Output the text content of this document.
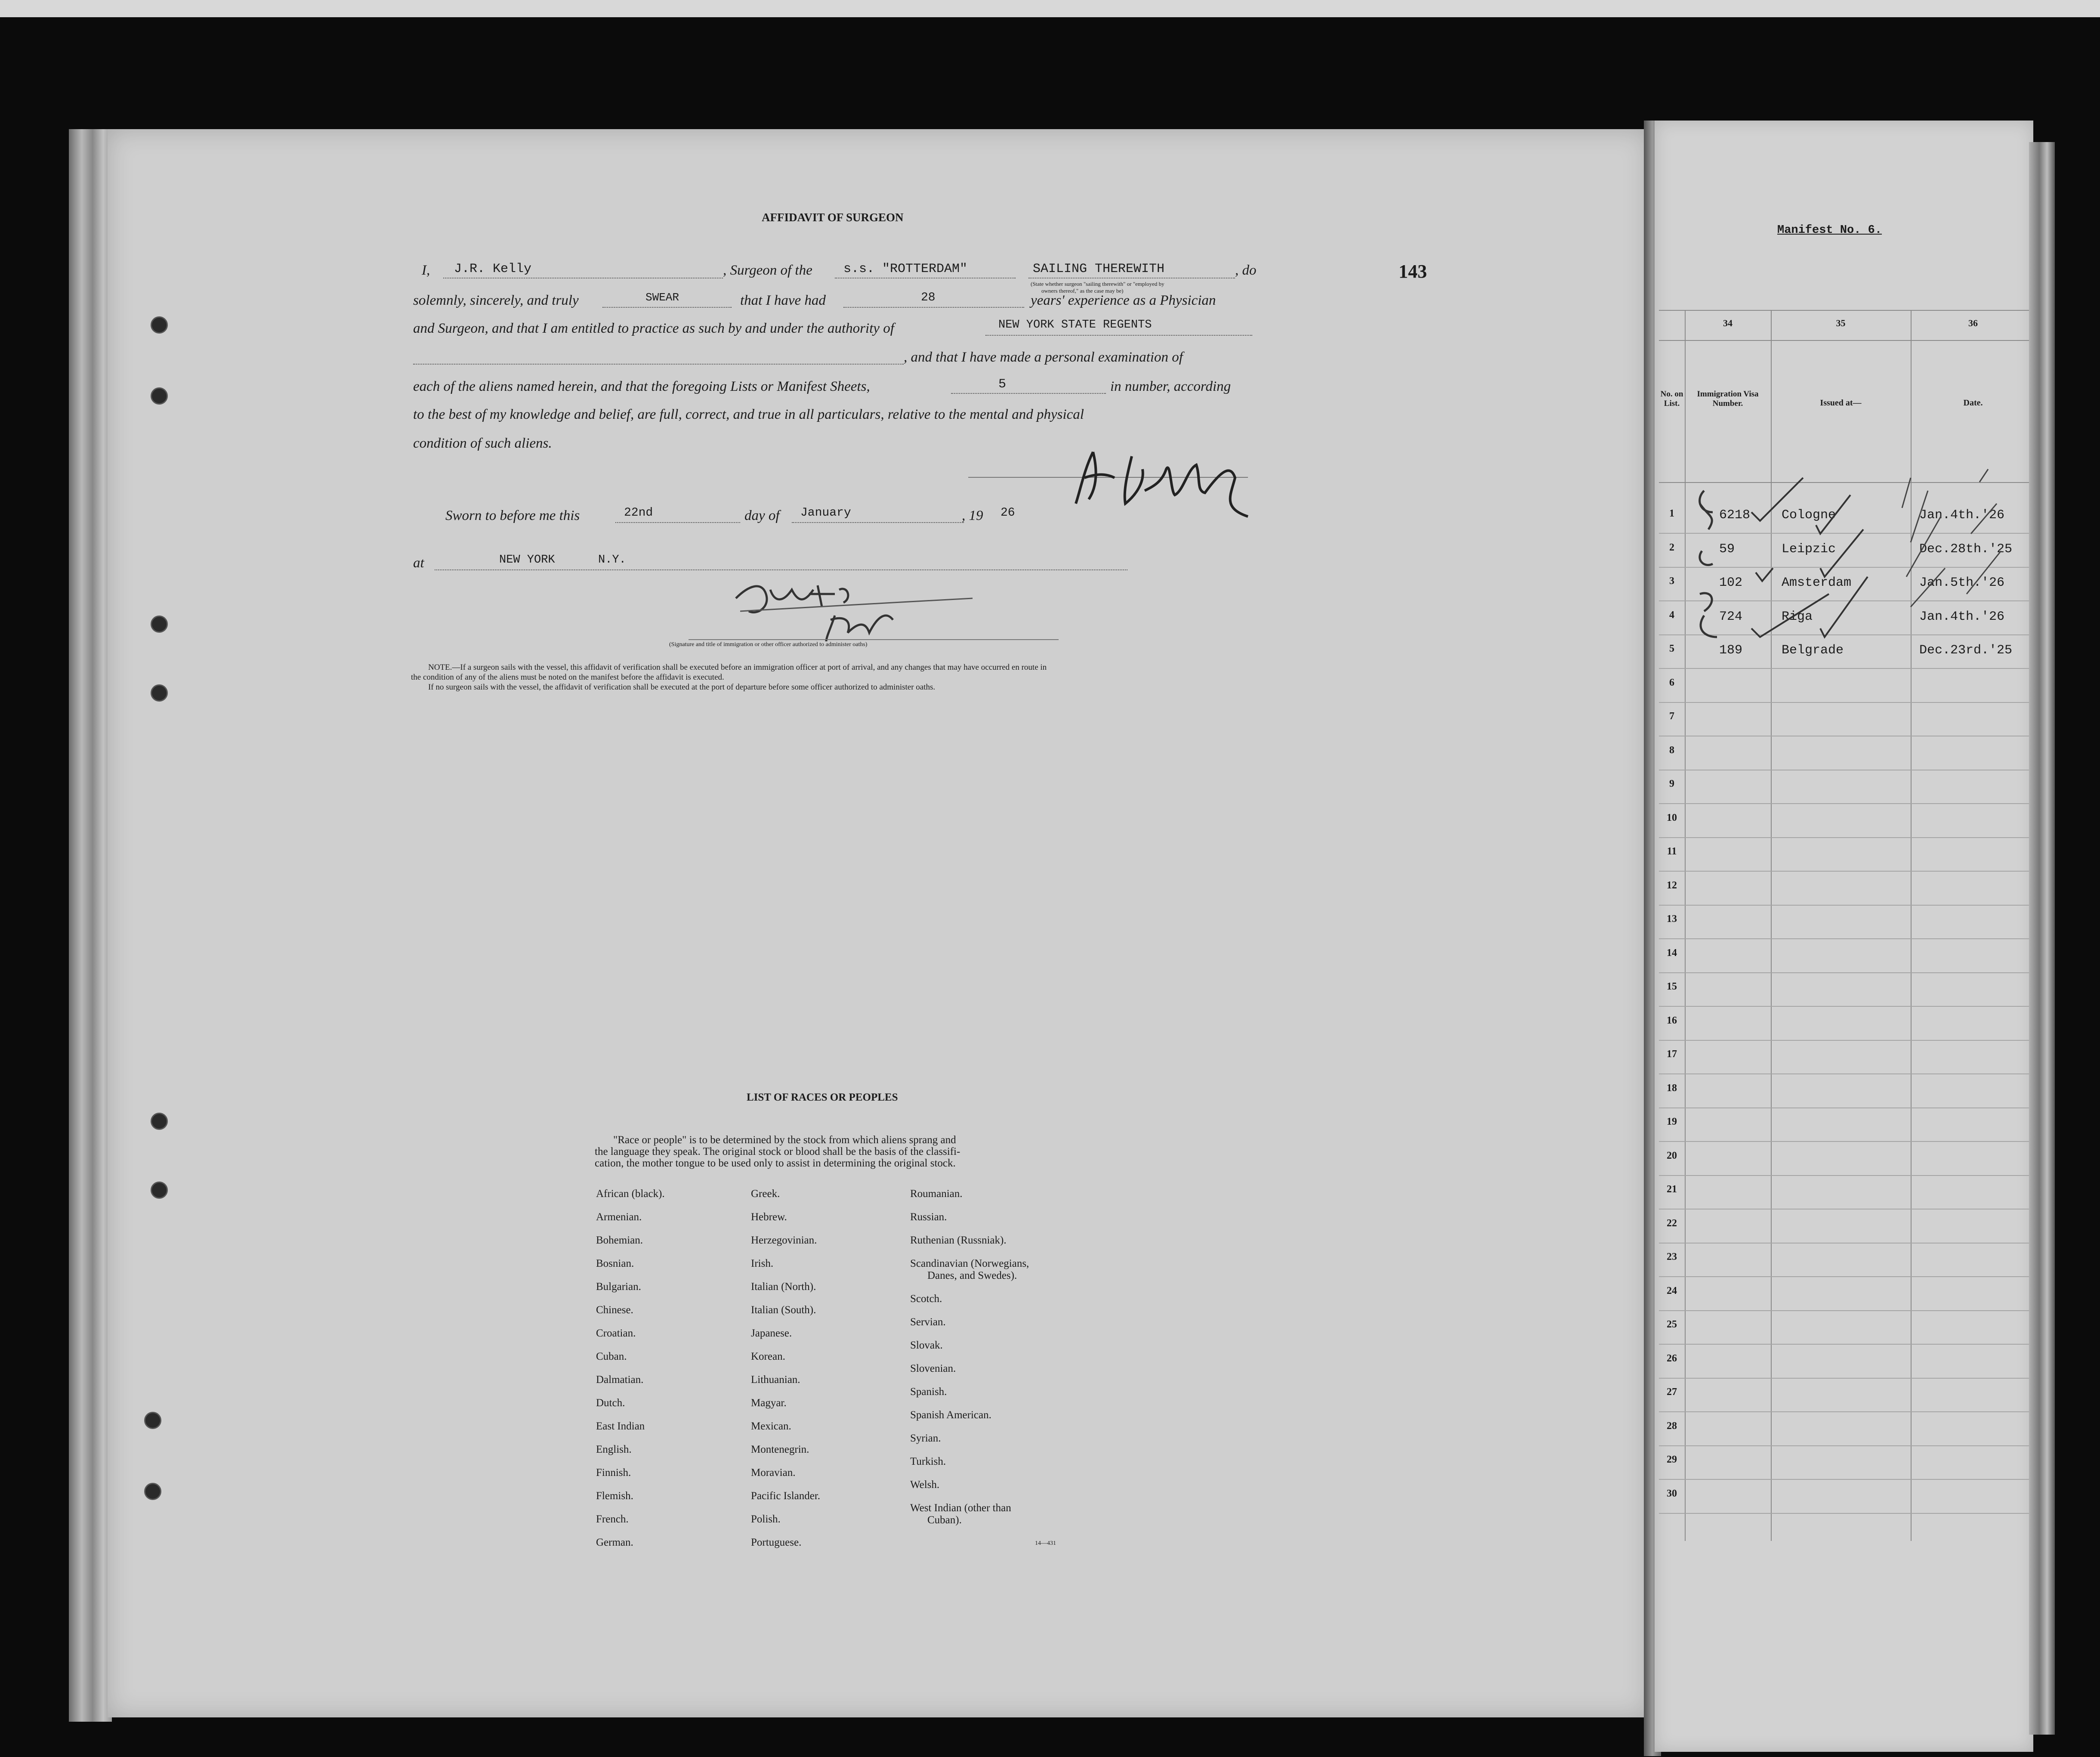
AFFIDAVIT OF SURGEON
143
I, J.R. Kelly	, Surgeon of the s.s. "ROTTERDAM"	SAILING THEREWITH
(State whether surgeon "sailing therewith" or "employed by
owners thereof," as the case may be)
, do
solemnly, sincerely, and truly	SWEAR	that I have had	28	years' experience as a Physician
and Surgeon, and that I am entitled to practice as such by and under the authority of	NEW YORK STATE REGENTS
, and that I have made a personal examination of
each of the aliens named herein, and that the foregoing Lists or Manifest Sheets,	5	in number, according
to the best of my knowledge and belief, are full, correct, and true in all particulars, relative to the mental and physical
condition of such aliens.
Sworn to before me this	22nd	day of January	, 19 26
at	NEW YORK	N.Y.
(Signature and title of immigration or other officer authorized to administer oaths)
NOTE.—If a surgeon sails with the vessel, this affidavit of verification shall be executed before an immigration officer at port of arrival, and any changes that may have occurred en route in
the condition of any of the aliens must be noted on the manifest before the affidavit is executed.
If no surgeon sails with the vessel, the affidavit of verification shall be executed at the port of departure before some officer authorized to administer oaths.
LIST OF RACES OR PEOPLES
"Race or people" is to be determined by the stock from which aliens sprang and
the language they speak. The original stock or blood shall be the basis of the classifi-
cation, the mother tongue to be used only to assist in determining the original stock.
African (black).
Armenian.
Bohemian.
Bosnian.
Bulgarian.
Chinese.
Croatian.
Cuban.
Dalmatian.
Dutch.
East Indian
English.
Finnish.
Flemish.
French.
German.
Greek.
Hebrew.
Herzegovinian.
Irish.
Italian (North).
Italian (South).
Japanese.
Korean.
Lithuanian.
Magyar.
Mexican.
Montenegrin.
Moravian.
Pacific Islander.
Polish.
Portuguese.
Roumanian.
Russian.
Ruthenian (Russniak).
Scandinavian (Norwegians,
Danes, and Swedes).
Scotch.
Servian.
Slovak.
Slovenian.
Spanish.
Spanish American.
Syrian.
Turkish.
Welsh.
West Indian (other than
Cuban).
14—431
Manifest No. 6.
34	35	36
No. on List.
Immigration Visa Number.	Issued at—	Date.
1	6218 Cologne	Jan.4th.'26
2	59	Leipzic	Dec.28th.'25
3	102	Amsterdam	Jan.5th.'26
4	724	Riga	Jan.4th.'26
5	189	Belgrade	Dec.23rd.'25
6
7
8
9
10
11
12
13
14
15
16
17
18
19
20
21
22
23
24
25
26
27
28
29
30
